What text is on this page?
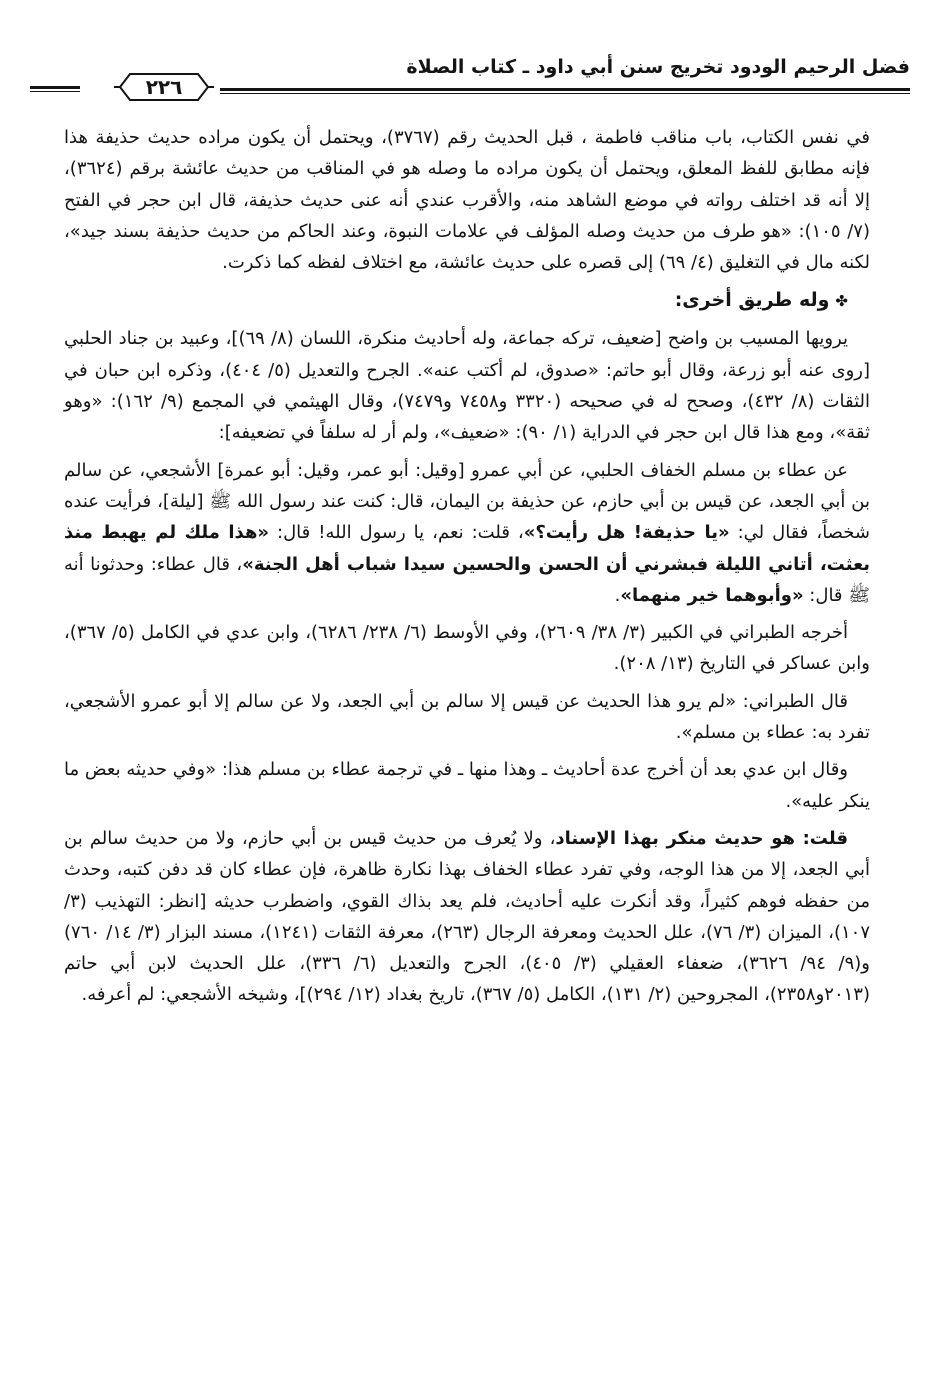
فضل الرحيم الودود تخريج سنن أبي داود ـ كتاب الصلاة
٢٢٦

في نفس الكتاب، باب مناقب فاطمة ، قبل الحديث رقم (٣٧٦٧)، ويحتمل أن يكون مراده حديث حذيفة هذا فإنه مطابق للفظ المعلق، ويحتمل أن يكون مراده ما وصله هو في المناقب من حديث عائشة برقم (٣٦٢٤)، إلا أنه قد اختلف رواته في موضع الشاهد منه، والأقرب عندي أنه عنى حديث حذيفة، قال ابن حجر في الفتح (٧/ ١٠٥): «هو طرف من حديث وصله المؤلف في علامات النبوة، وعند الحاكم من حديث حذيفة بسند جيد»، لكنه مال في التغليق (٤/ ٦٩) إلى قصره على حديث عائشة، مع اختلاف لفظه كما ذكرت.

✤وله طريق أخرى:

يرويها المسيب بن واضح [ضعيف، تركه جماعة، وله أحاديث منكرة، اللسان (٨/ ٦٩)]، وعبيد بن جناد الحلبي [روى عنه أبو زرعة، وقال أبو حاتم: «صدوق، لم أكتب عنه». الجرح والتعديل (٥/ ٤٠٤)، وذكره ابن حبان في الثقات (٨/ ٤٣٢)، وصحح له في صحيحه (٣٣٢٠ و٧٤٥٨ و٧٤٧٩)، وقال الهيثمي في المجمع (٩/ ١٦٢): «وهو ثقة»، ومع هذا قال ابن حجر في الدراية (١/ ٩٠): «ضعيف»، ولم أر له سلفاً في تضعيفه]:

عن عطاء بن مسلم الخفاف الحلبي، عن أبي عمرو [وقيل: أبو عمر، وقيل: أبو عمرة] الأشجعي، عن سالم بن أبي الجعد، عن قيس بن أبي حازم، عن حذيفة بن اليمان، قال: كنت عند رسول الله ﷺ [ليلة]، فرأيت عنده شخصاً، فقال لي: «يا حذيفة! هل رأيت؟»، قلت: نعم، يا رسول الله! قال: «هذا ملك لم يهبط منذ بعثت، أتاني الليلة فبشرني أن الحسن والحسين سيدا شباب أهل الجنة»، قال عطاء: وحدثونا أنه ﷺ قال: «وأبوهما خير منهما».

أخرجه الطبراني في الكبير (٣/ ٣٨/ ٢٦٠٩)، وفي الأوسط (٦/ ٢٣٨/ ٦٢٨٦)، وابن عدي في الكامل (٥/ ٣٦٧)، وابن عساكر في التاريخ (١٣/ ٢٠٨).

قال الطبراني: «لم يرو هذا الحديث عن قيس إلا سالم بن أبي الجعد، ولا عن سالم إلا أبو عمرو الأشجعي، تفرد به: عطاء بن مسلم».

وقال ابن عدي بعد أن أخرج عدة أحاديث ـ وهذا منها ـ في ترجمة عطاء بن مسلم هذا: «وفي حديثه بعض ما ينكر عليه».

قلت: هو حديث منكر بهذا الإسناد، ولا يُعرف من حديث قيس بن أبي حازم، ولا من حديث سالم بن أبي الجعد، إلا من هذا الوجه، وفي تفرد عطاء الخفاف بهذا نكارة ظاهرة، فإن عطاء كان قد دفن كتبه، وحدث من حفظه فوهم كثيراً، وقد أنكرت عليه أحاديث، فلم يعد بذاك القوي، واضطرب حديثه [انظر: التهذيب (٣/ ١٠٧)، الميزان (٣/ ٧٦)، علل الحديث ومعرفة الرجال (٢٦٣)، معرفة الثقات (١٢٤١)، مسند البزار (٣/ ١٤/ ٧٦٠) و(٩/ ٩٤/ ٣٦٢٦)، ضعفاء العقيلي (٣/ ٤٠٥)، الجرح والتعديل (٦/ ٣٣٦)، علل الحديث لابن أبي حاتم (٢٠١٣و٢٣٥٨)، المجروحين (٢/ ١٣١)، الكامل (٥/ ٣٦٧)، تاريخ بغداد (١٢/ ٢٩٤)]، وشيخه الأشجعي: لم أعرفه.
